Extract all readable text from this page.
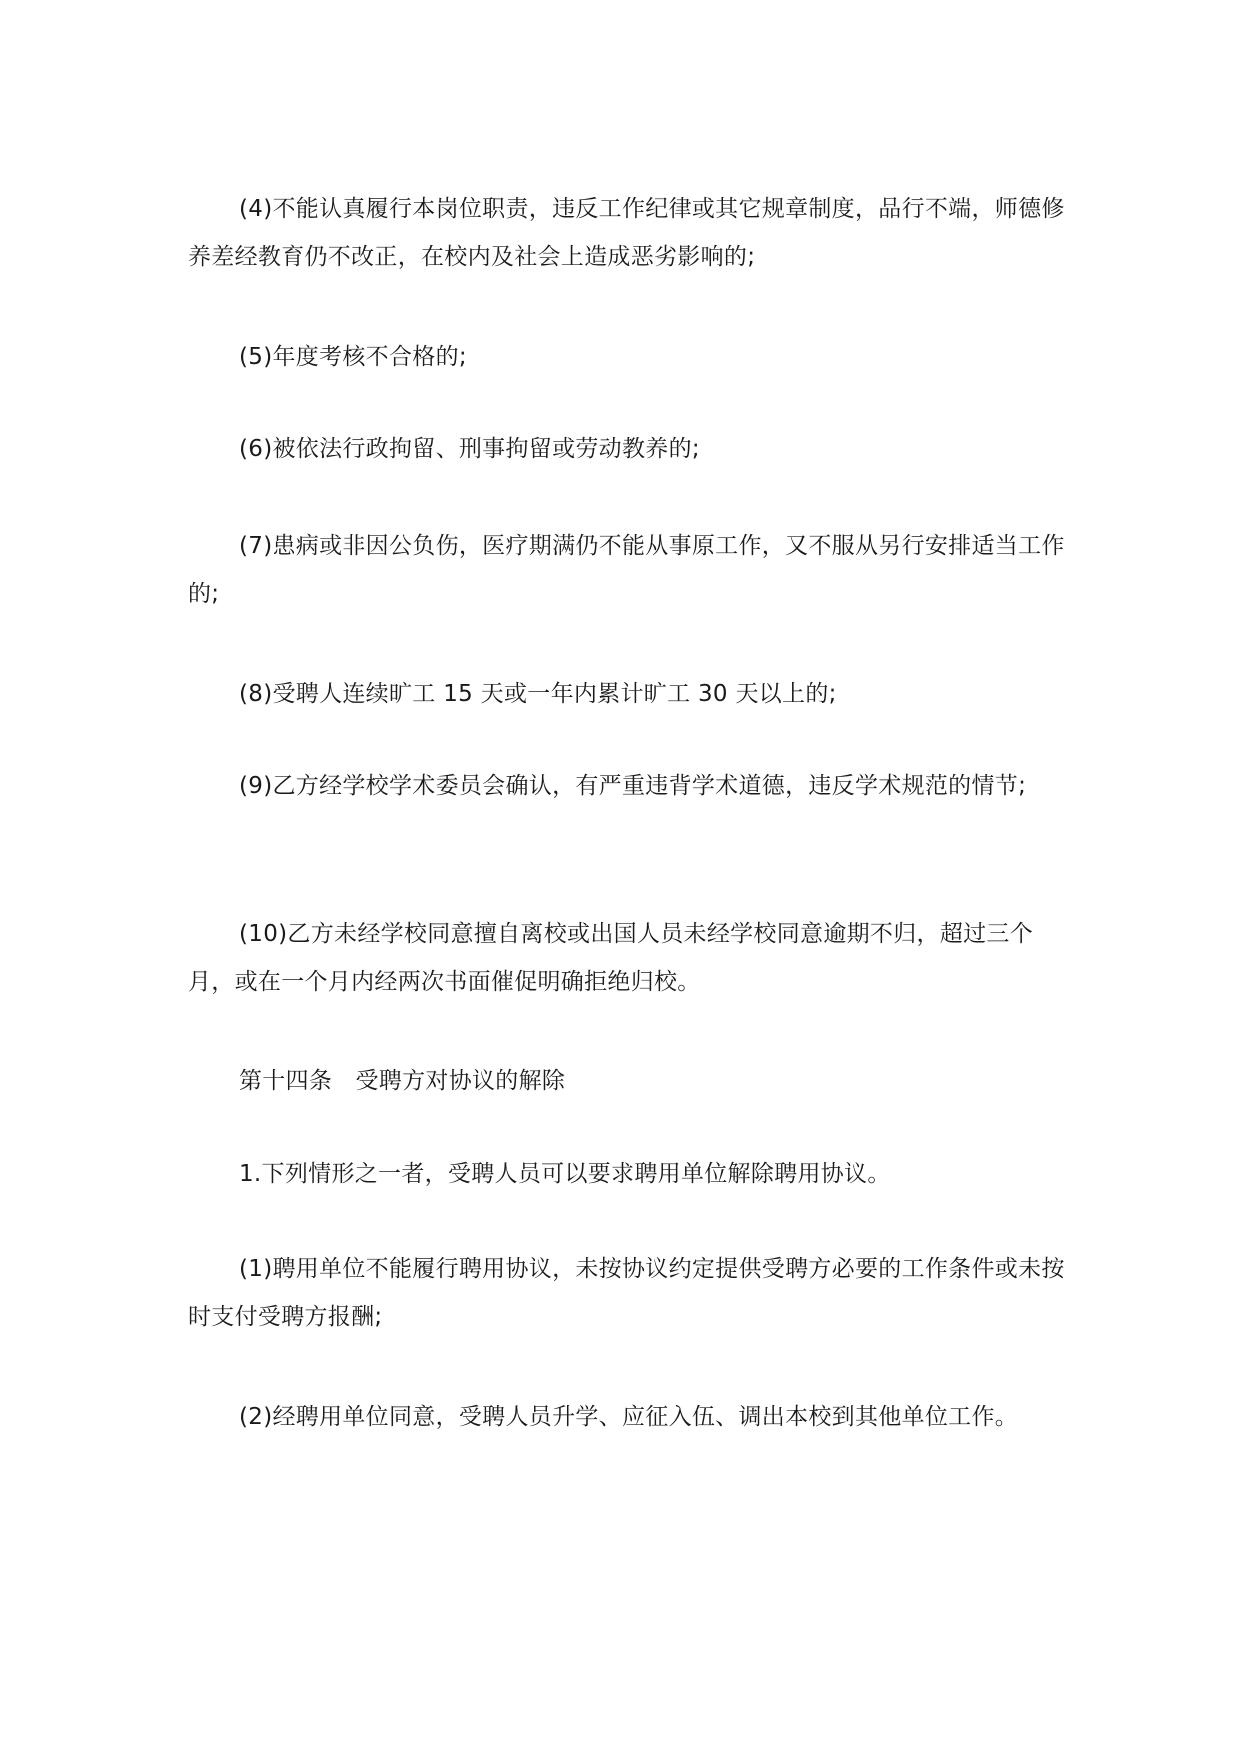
(4)不能认真履行本岗位职责，违反工作纪律或其它规章制度，品行不端，师德修养差经教育仍不改正，在校内及社会上造成恶劣影响的;

(5)年度考核不合格的;

(6)被依法行政拘留、刑事拘留或劳动教养的;

(7)患病或非因公负伤，医疗期满仍不能从事原工作，又不服从另行安排适当工作的;

(8)受聘人连续旷工 15 天或一年内累计旷工 30 天以上的;

(9)乙方经学校学术委员会确认，有严重违背学术道德，违反学术规范的情节;

(10)乙方未经学校同意擅自离校或出国人员未经学校同意逾期不归，超过三个月，或在一个月内经两次书面催促明确拒绝归校。

第十四条　受聘方对协议的解除

1.下列情形之一者，受聘人员可以要求聘用单位解除聘用协议。

(1)聘用单位不能履行聘用协议，未按协议约定提供受聘方必要的工作条件或未按时支付受聘方报酬;

(2)经聘用单位同意，受聘人员升学、应征入伍、调出本校到其他单位工作。
